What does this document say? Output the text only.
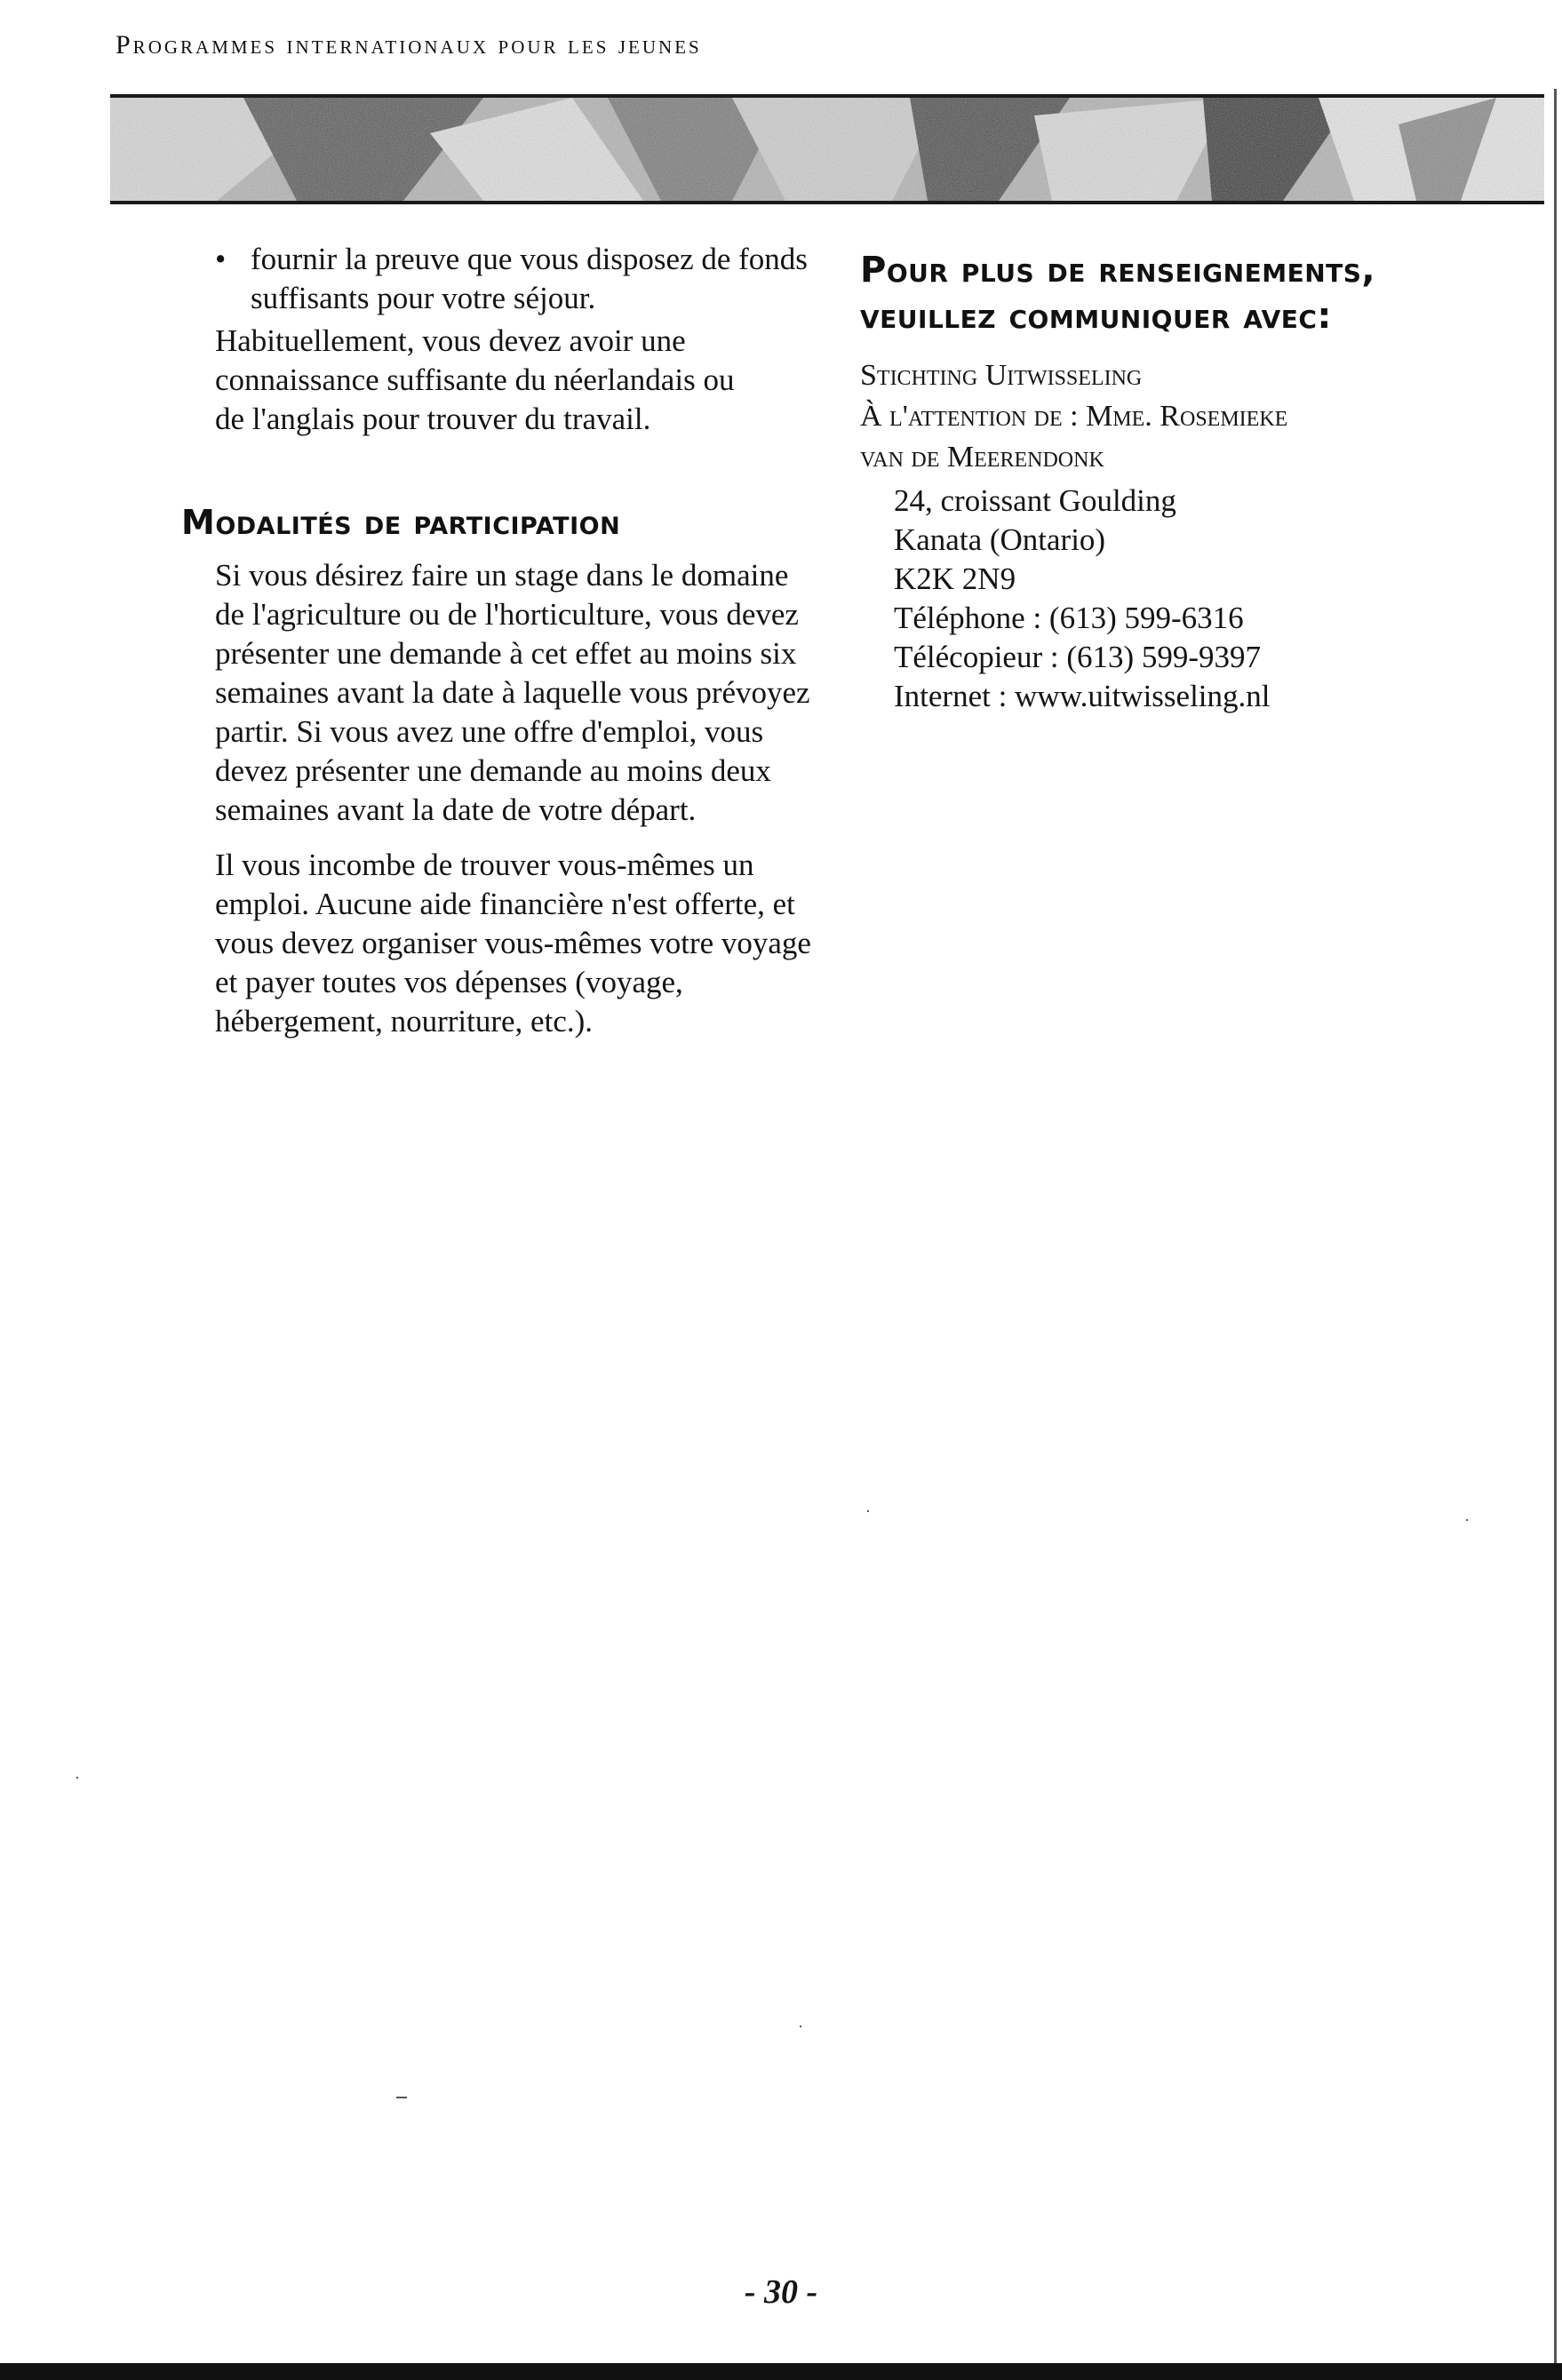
Programmes internationaux pour les jeunes
• fournir la preuve que vous disposez de fonds suffisants pour votre séjour.

Habituellement, vous devez avoir une connaissance suffisante du néerlandais ou de l'anglais pour trouver du travail.

Modalités de participation

Si vous désirez faire un stage dans le domaine de l'agriculture ou de l'horticulture, vous devez présenter une demande à cet effet au moins six semaines avant la date à laquelle vous prévoyez partir. Si vous avez une offre d'emploi, vous devez présenter une demande au moins deux semaines avant la date de votre départ.

Il vous incombe de trouver vous-mêmes un emploi. Aucune aide financière n'est offerte, et vous devez organiser vous-mêmes votre voyage et payer toutes vos dépenses (voyage, hébergement, nourriture, etc.).

Pour plus de renseignements,
veuillez communiquer avec:
Stichting Uitwisseling
À l'attention de : Mme. Rosemieke
van de Meerendonk
24, croissant Goulding
Kanata (Ontario)
K2K 2N9
Téléphone : (613) 599-6316
Télécopieur : (613) 599-9397
Internet : www.uitwisseling.nl
- 30 -
